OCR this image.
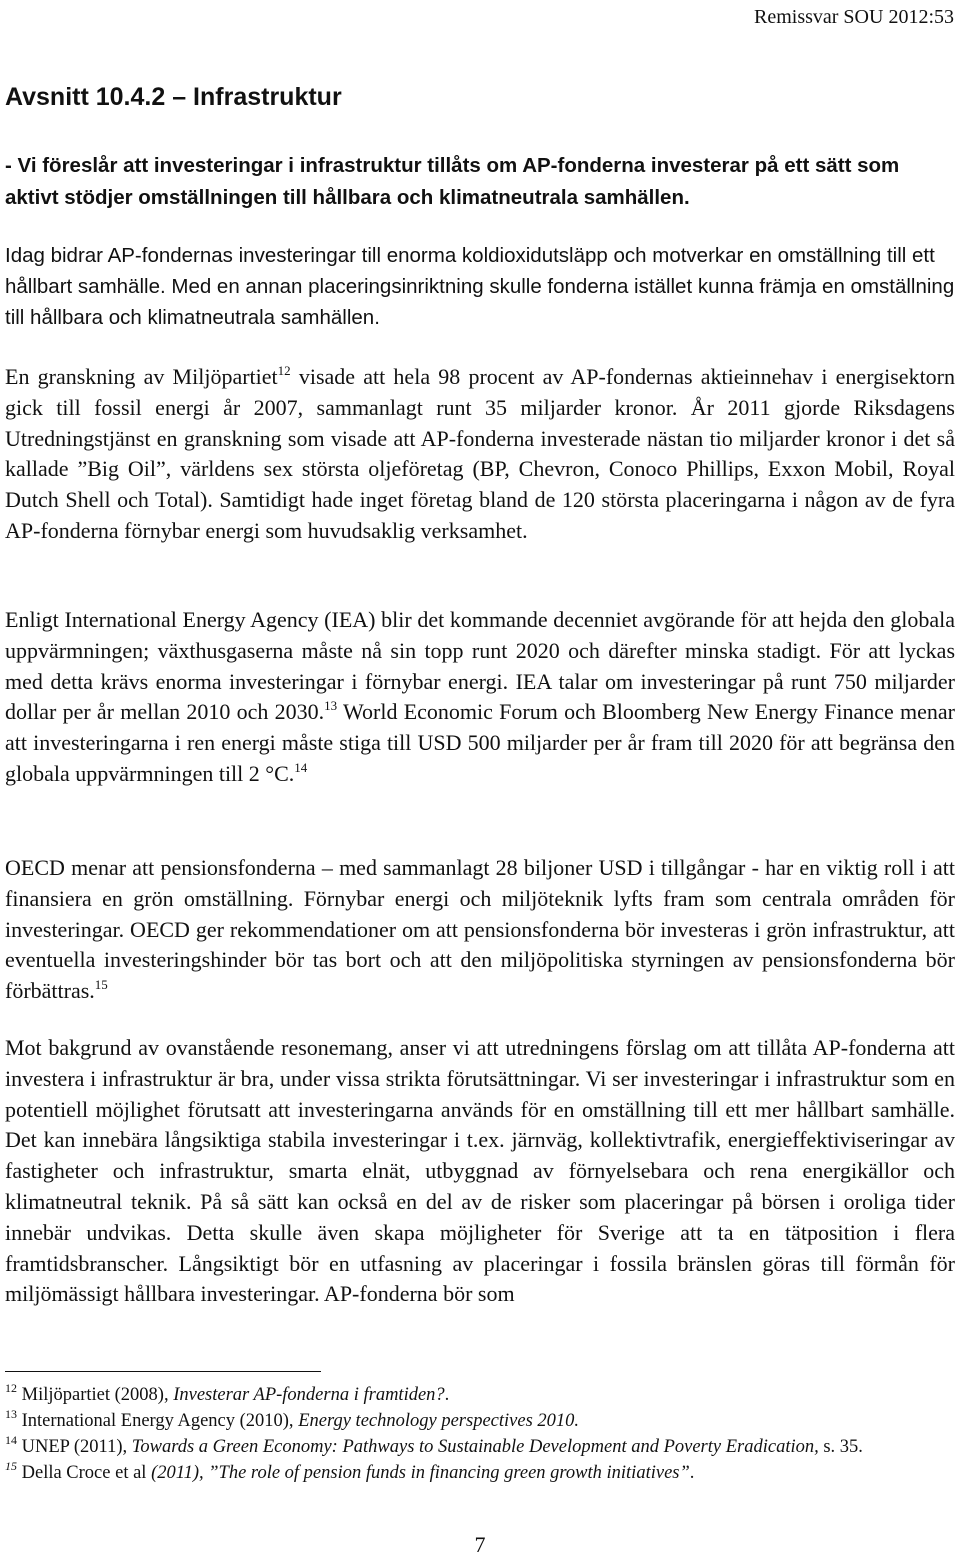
Remissvar SOU 2012:53
Avsnitt 10.4.2 – Infrastruktur
- Vi föreslår att investeringar i infrastruktur tillåts om AP-fonderna investerar på ett sätt som aktivt stödjer omställningen till hållbara och klimatneutrala samhällen.
Idag bidrar AP-fondernas investeringar till enorma koldioxidutsläpp och motverkar en omställning till ett hållbart samhälle. Med en annan placeringsinriktning skulle fonderna istället kunna främja en omställning till hållbara och klimatneutrala samhällen.
En granskning av Miljöpartiet$^{12}$ visade att hela 98 procent av AP-fondernas aktieinnehav i energisektorn gick till fossil energi år 2007, sammanlagt runt 35 miljarder kronor. År 2011 gjorde Riksdagens Utredningstjänst en granskning som visade att AP-fonderna investerade nästan tio miljarder kronor i det så kallade ”Big Oil”, världens sex största oljeföretag (BP, Chevron, Conoco Phillips, Exxon Mobil, Royal Dutch Shell och Total). Samtidigt hade inget företag bland de 120 största placeringarna i någon av de fyra AP-fonderna förnybar energi som huvudsaklig verksamhet.
Enligt International Energy Agency (IEA) blir det kommande decenniet avgörande för att hejda den globala uppvärmningen; växthusgaserna måste nå sin topp runt 2020 och därefter minska stadigt. För att lyckas med detta krävs enorma investeringar i förnybar energi. IEA talar om investeringar på runt 750 miljarder dollar per år mellan 2010 och 2030.13 World Economic Forum och Bloomberg New Energy Finance menar att investeringarna i ren energi måste stiga till USD 500 miljarder per år fram till 2020 för att begränsa den globala uppvärmningen till 2 °C.$^{14}$
OECD menar att pensionsfonderna – med sammanlagt 28 biljoner USD i tillgångar - har en viktig roll i att finansiera en grön omställning. Förnybar energi och miljöteknik lyfts fram som centrala områden för investeringar. OECD ger rekommendationer om att pensionsfonderna bör investeras i grön infrastruktur, att eventuella investeringshinder bör tas bort och att den miljöpolitiska styrningen av pensionsfonderna bör förbättras.$^{15}$
Mot bakgrund av ovanstående resonemang, anser vi att utredningens förslag om att tillåta AP-fonderna att investera i infrastruktur är bra, under vissa strikta förutsättningar. Vi ser investeringar i infrastruktur som en potentiell möjlighet förutsatt att investeringarna används för en omställning till ett mer hållbart samhälle. Det kan innebära långsiktiga stabila investeringar i t.ex. järnväg, kollektivtrafik, energieffektiviseringar av fastigheter och infrastruktur, smarta elnät, utbyggnad av förnyelsebara och rena energikällor och klimatneutral teknik. På så sätt kan också en del av de risker som placeringar på börsen i oroliga tider innebär undvikas. Detta skulle även skapa möjligheter för Sverige att ta en tätposition i flera framtidsbranscher. Långsiktigt bör en utfasning av placeringar i fossila bränslen göras till förmån för miljömässigt hållbara investeringar. AP-fonderna bör som

$^{12}$ Miljöpartiet (2008), Investerar AP-fonderna i framtiden?.

$^{13}$ International Energy Agency (2010), Energy technology perspectives 2010.

$^{14}$ UNEP (2011), Towards a Green Economy: Pathways to Sustainable Development and Poverty Eradication, s. 35.

$^{15}$ Della Croce et al (2011), ”The role of pension funds in financing green growth initiatives”.

7
